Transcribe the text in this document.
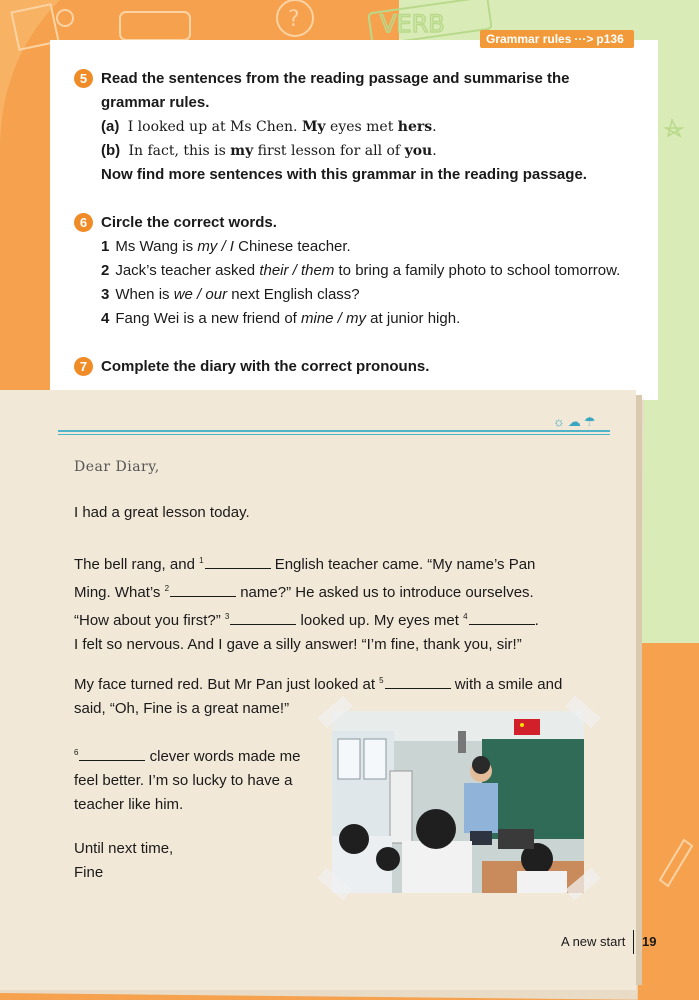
?	VERB
Grammar rules ···> p136
5 Read the sentences from the reading passage and summarise the
grammar rules.
(a) I looked up at Ms Chen. My eyes met hers.
(b) In fact, this is my first lesson for all of you.
Now find more sentences with this grammar in the reading passage.
6 Circle the correct words.
1 Ms Wang is my / I Chinese teacher.
2 Jack’s teacher asked their / them to bring a family photo to school tomorrow.
3 When is we / our next English class?
4 Fang Wei is a new friend of mine / my at junior high.
7 Complete the diary with the correct pronouns.
☼☁☂
Dear Diary,
I had a great lesson today.
The bell rang, and $^1$	English teacher came. “My name’s Pan
Ming. What’s $^2$	name?” He asked us to introduce ourselves.
“How about you first?” $^3$	looked up. My eyes met $^4$	.
I felt so nervous. And I gave a silly answer! “I’m fine, thank you, sir!”
My face turned red. But Mr Pan just looked at $^5$	with a smile and
said, “Oh, Fine is a great name!”
$^6$	clever words made me
feel better. I’m so lucky to have a
teacher like him.
Until next time,
Fine
A new start 19
